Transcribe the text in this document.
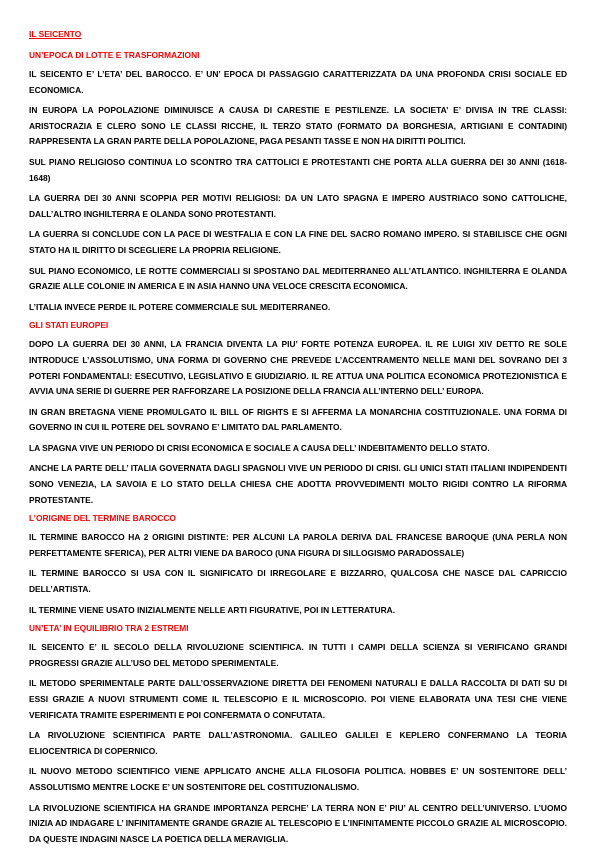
IL SEICENTO
UN’EPOCA DI LOTTE E TRASFORMAZIONI
IL SEICENTO E’ L’ETA’ DEL BAROCCO. E’ UN’ EPOCA DI PASSAGGIO CARATTERIZZATA DA UNA PROFONDA CRISI SOCIALE ED ECONOMICA.
IN EUROPA LA POPOLAZIONE DIMINUISCE A CAUSA DI CARESTIE E PESTILENZE. LA SOCIETA’ E’ DIVISA IN TRE CLASSI: ARISTOCRAZIA E CLERO SONO LE CLASSI RICCHE, IL TERZO STATO (FORMATO DA BORGHESIA, ARTIGIANI E CONTADINI) RAPPRESENTA LA GRAN PARTE DELLA POPOLAZIONE, PAGA PESANTI TASSE E NON HA DIRITTI POLITICI.
SUL PIANO RELIGIOSO CONTINUA LO SCONTRO TRA CATTOLICI E PROTESTANTI CHE PORTA ALLA GUERRA DEI 30 ANNI (1618-1648)
LA GUERRA DEI 30 ANNI SCOPPIA PER MOTIVI RELIGIOSI: DA UN LATO SPAGNA E IMPERO AUSTRIACO SONO CATTOLICHE, DALL’ALTRO INGHILTERRA E OLANDA SONO PROTESTANTI.
LA GUERRA SI CONCLUDE CON LA PACE DI WESTFALIA E CON LA FINE DEL SACRO ROMANO IMPERO. SI STABILISCE CHE OGNI STATO HA IL DIRITTO DI SCEGLIERE LA PROPRIA RELIGIONE.
SUL PIANO ECONOMICO, LE ROTTE COMMERCIALI SI SPOSTANO DAL MEDITERRANEO ALL’ATLANTICO. INGHILTERRA E OLANDA GRAZIE ALLE COLONIE IN AMERICA E IN ASIA HANNO UNA VELOCE CRESCITA ECONOMICA.
L’ITALIA INVECE PERDE IL POTERE COMMERCIALE SUL MEDITERRANEO.
GLI STATI EUROPEI
DOPO LA GUERRA DEI 30 ANNI, LA FRANCIA DIVENTA LA PIU’ FORTE POTENZA EUROPEA. IL RE LUIGI XIV DETTO RE SOLE INTRODUCE L’ASSOLUTISMO, UNA FORMA DI GOVERNO CHE PREVEDE L’ACCENTRAMENTO NELLE MANI DEL SOVRANO DEI 3 POTERI FONDAMENTALI: ESECUTIVO, LEGISLATIVO E GIUDIZIARIO. IL RE ATTUA UNA POLITICA ECONOMICA PROTEZIONISTICA E AVVIA UNA SERIE DI GUERRE PER RAFFORZARE LA POSIZIONE DELLA FRANCIA ALL’INTERNO DELL’ EUROPA.
IN GRAN BRETAGNA VIENE PROMULGATO IL BILL OF RIGHTS E SI AFFERMA LA MONARCHIA COSTITUZIONALE. UNA FORMA DI GOVERNO IN CUI IL POTERE DEL SOVRANO E’ LIMITATO DAL PARLAMENTO.
LA SPAGNA VIVE UN PERIODO DI CRISI ECONOMICA E SOCIALE A CAUSA DELL’ INDEBITAMENTO DELLO STATO.
ANCHE LA PARTE DELL’ ITALIA GOVERNATA DAGLI SPAGNOLI VIVE UN PERIODO DI CRISI. GLI UNICI STATI ITALIANI INDIPENDENTI SONO VENEZIA, LA SAVOIA E LO STATO DELLA CHIESA CHE ADOTTA PROVVEDIMENTI MOLTO RIGIDI CONTRO LA RIFORMA PROTESTANTE.
L’ORIGINE DEL TERMINE BAROCCO
IL TERMINE BAROCCO HA 2 ORIGINI DISTINTE: PER ALCUNI LA PAROLA DERIVA DAL FRANCESE BAROQUE (UNA PERLA NON PERFETTAMENTE SFERICA), PER ALTRI VIENE DA BAROCO (UNA FIGURA DI SILLOGISMO PARADOSSALE)
IL TERMINE BAROCCO SI USA CON IL SIGNIFICATO DI IRREGOLARE E BIZZARRO, QUALCOSA CHE NASCE DAL CAPRICCIO DELL’ARTISTA.
IL TERMINE VIENE USATO INIZIALMENTE NELLE ARTI FIGURATIVE, POI IN LETTERATURA.
UN’ETA’ IN EQUILIBRIO TRA 2 ESTREMI
IL SEICENTO E’ IL SECOLO DELLA RIVOLUZIONE SCIENTIFICA. IN TUTTI I CAMPI DELLA SCIENZA SI VERIFICANO GRANDI PROGRESSI GRAZIE ALL’USO DEL METODO SPERIMENTALE.
IL METODO SPERIMENTALE PARTE DALL’OSSERVAZIONE DIRETTA DEI FENOMENI NATURALI E DALLA RACCOLTA DI DATI SU DI ESSI GRAZIE A NUOVI STRUMENTI COME IL TELESCOPIO E IL MICROSCOPIO. POI VIENE ELABORATA UNA TESI CHE VIENE VERIFICATA TRAMITE ESPERIMENTI E POI CONFERMATA O CONFUTATA.
LA RIVOLUZIONE SCIENTIFICA PARTE DALL’ASTRONOMIA. GALILEO GALILEI E KEPLERO CONFERMANO LA TEORIA ELIOCENTRICA DI COPERNICO.
IL NUOVO METODO SCIENTIFICO VIENE APPLICATO ANCHE ALLA FILOSOFIA POLITICA. HOBBES E’ UN SOSTENITORE DELL’ ASSOLUTISMO MENTRE LOCKE E’ UN SOSTENITORE DEL COSTITUZIONALISMO.
LA RIVOLUZIONE SCIENTIFICA HA GRANDE IMPORTANZA PERCHE’ LA TERRA NON E’ PIU’ AL CENTRO DELL’UNIVERSO. L’UOMO INIZIA AD INDAGARE L’ INFINITAMENTE GRANDE GRAZIE AL TELESCOPIO E L’INFINITAMENTE PICCOLO GRAZIE AL MICROSCOPIO. DA QUESTE INDAGINI NASCE LA POETICA DELLA MERAVIGLIA.
